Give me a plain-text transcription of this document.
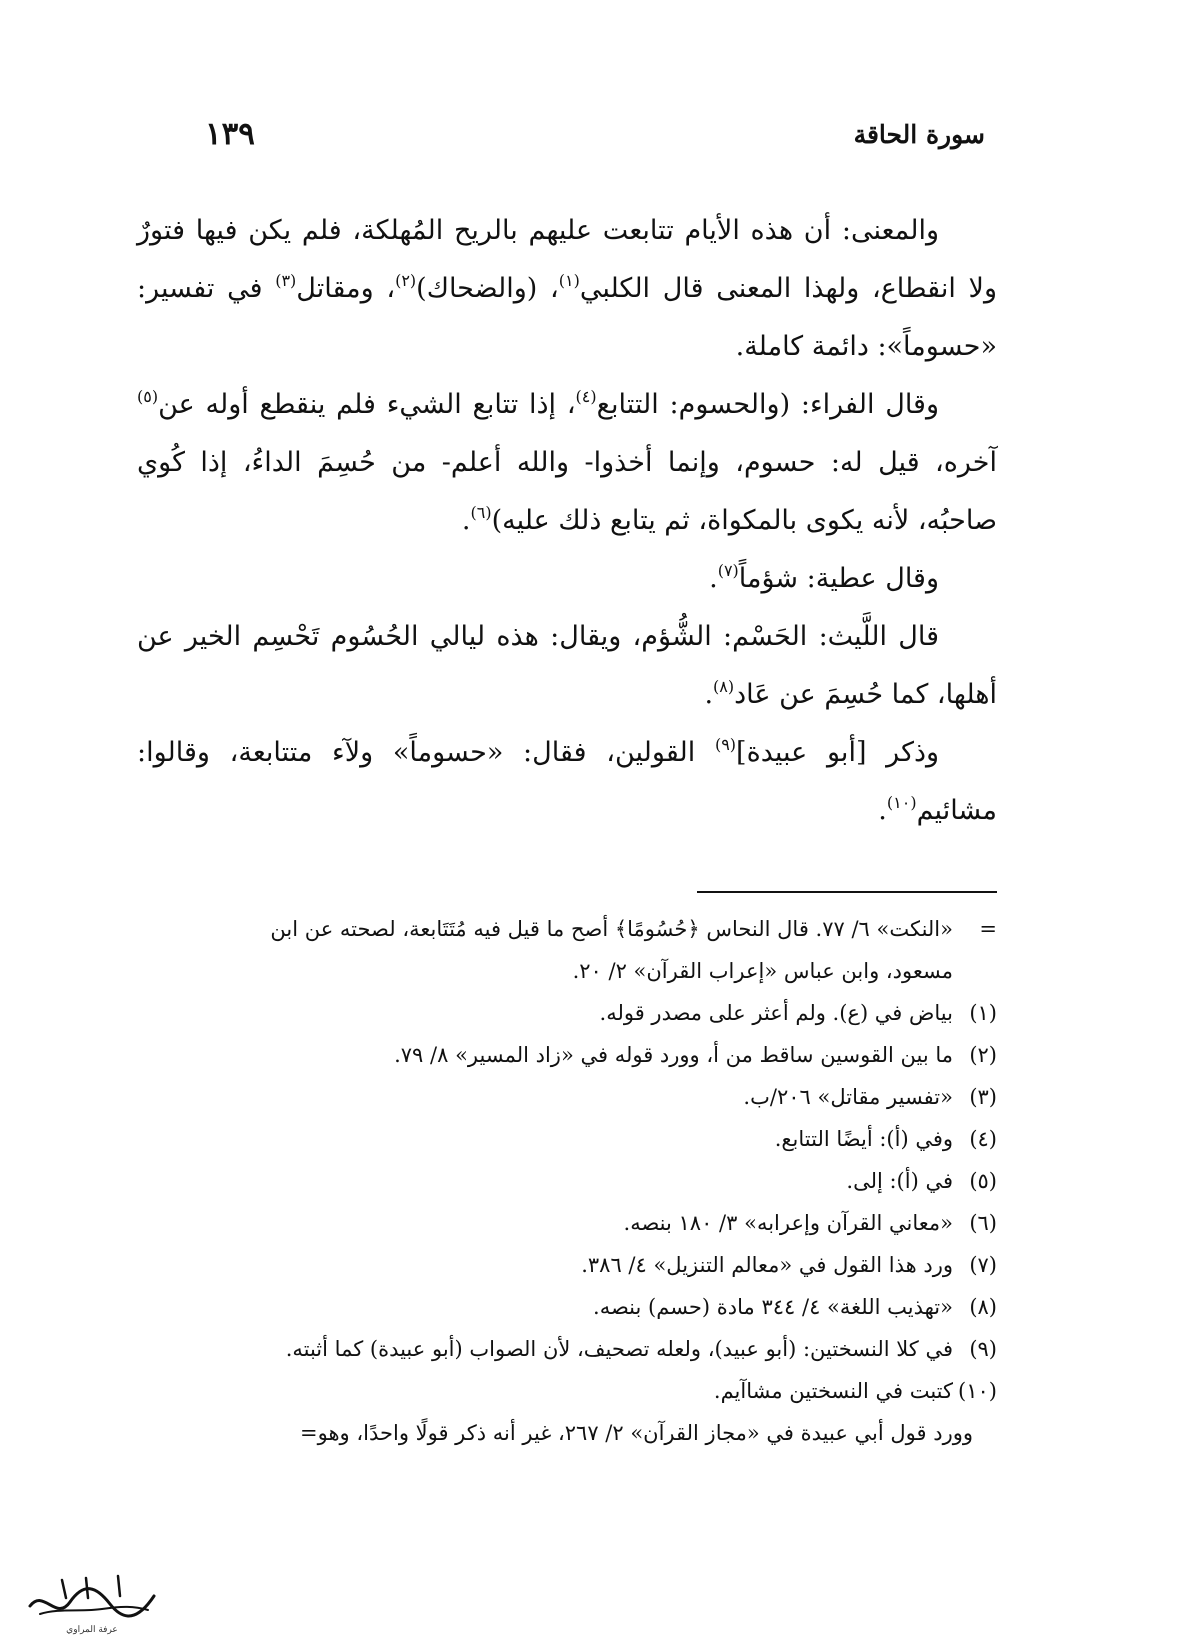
سورة الحاقة
١٣٩

والمعنى: أن هذه الأيام تتابعت عليهم بالريح المُهلكة، فلم يكن فيها فتورٌ ولا انقطاع، ولهذا المعنى قال الكلبي$^{(١)}$، (والضحاك)$^{(٢)}$، ومقاتل$^{(٣)}$ في تفسير: «حسوماً»: دائمة كاملة.

وقال الفراء: (والحسوم: التتابع$^{(٤)}$، إذا تتابع الشيء فلم ينقطع أوله عن$^{(٥)}$ آخره، قيل له: حسوم، وإنما أخذوا- والله أعلم- من حُسِمَ الداءُ، إذا كُوي صاحبُه، لأنه يكوى بالمكواة، ثم يتابع ذلك عليه)$^{(٦)}$.

وقال عطية: شؤماً$^{(٧)}$.

قال اللَّيث: الحَسْم: الشُّؤم، ويقال: هذه ليالي الحُسُوم تَحْسِم الخير عن أهلها، كما حُسِمَ عن عَاد$^{(٨)}$.

وذكر [أبو عبيدة]$^{(٩)}$ القولين، فقال: «حسوماً» ولآء متتابعة، وقالوا: مشائيم$^{(١٠)}$.

=
«النكت» ٦/ ٧٧. قال النحاس ﴿حُسُومًا﴾ أصح ما قيل فيه مُتَتَابعة، لصحته عن ابن

مسعود، وابن عباس «إعراب القرآن» ٢/ ٢٠.

(١)
بياض في (ع). ولم أعثر على مصدر قوله.

(٢)
ما بين القوسين ساقط من أ، وورد قوله في «زاد المسير» ٨/ ٧٩.

(٣)
«تفسير مقاتل» ٢٠٦/ب.

(٤)
وفي (أ): أيضًا التتابع.

(٥)
في (أ): إلى.

(٦)
«معاني القرآن وإعرابه» ٣/ ١٨٠ بنصه.

(٧)
ورد هذا القول في «معالم التنزيل» ٤/ ٣٨٦.

(٨)
«تهذيب اللغة» ٤/ ٣٤٤ مادة (حسم) بنصه.

(٩)
في كلا النسختين: (أبو عبيد)، ولعله تصحيف، لأن الصواب (أبو عبيدة) كما أثبته.

(١٠)
كتبت في النسختين مشاآيم.

وورد قول أبي عبيدة في «مجاز القرآن» ٢/ ٢٦٧، غير أنه ذكر قولًا واحدًا، وهو=

عرفة المراوي
